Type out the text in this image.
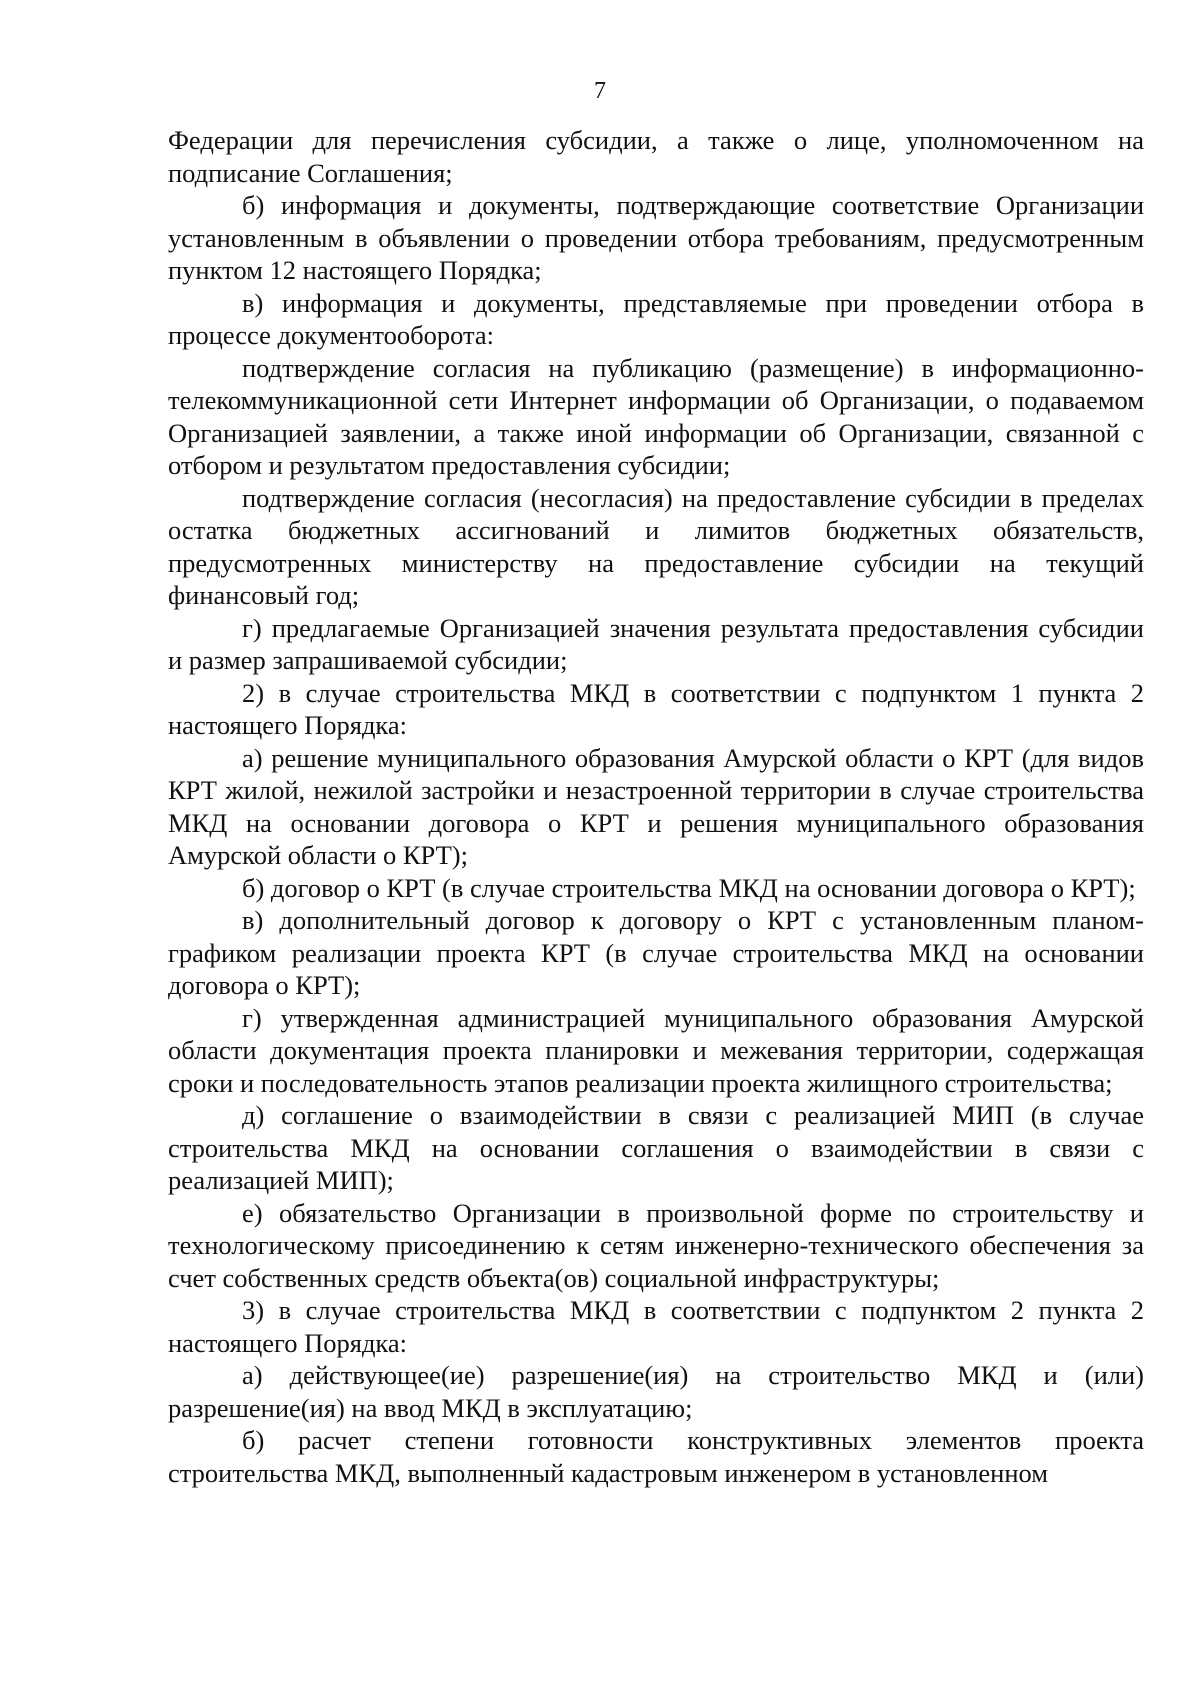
7

Федерации для перечисления субсидии, а также о лице, уполномоченном на подписание Соглашения;

б) информация и документы, подтверждающие соответствие Организации установленным в объявлении о проведении отбора требованиям, предусмотренным пунктом 12 настоящего Порядка;

в) информация и документы, представляемые при проведении отбора в процессе документооборота:

подтверждение согласия на публикацию (размещение) в информационно-телекоммуникационной сети Интернет информации об Организации, о подаваемом Организацией заявлении, а также иной информации об Организации, связанной с отбором и результатом предоставления субсидии;

подтверждение согласия (несогласия) на предоставление субсидии в пределах остатка бюджетных ассигнований и лимитов бюджетных обязательств, предусмотренных министерству на предоставление субсидии на текущий финансовый год;

г) предлагаемые Организацией значения результата предоставления субсидии и размер запрашиваемой субсидии;

2) в случае строительства МКД в соответствии с подпунктом 1 пункта 2 настоящего Порядка:

а) решение муниципального образования Амурской области о КРТ (для видов КРТ жилой, нежилой застройки и незастроенной территории в случае строительства МКД на основании договора о КРТ и решения муниципального образования Амурской области о КРТ);

б) договор о КРТ (в случае строительства МКД на основании договора о КРТ);

в) дополнительный договор к договору о КРТ с установленным планом-графиком реализации проекта КРТ (в случае строительства МКД на основании договора о КРТ);

г) утвержденная администрацией муниципального образования Амурской области документация проекта планировки и межевания территории, содержащая сроки и последовательность этапов реализации проекта жилищного строительства;

д) соглашение о взаимодействии в связи с реализацией МИП (в случае строительства МКД на основании соглашения о взаимодействии в связи с реализацией МИП);

е) обязательство Организации в произвольной форме по строительству и технологическому присоединению к сетям инженерно-технического обеспечения за счет собственных средств объекта(ов) социальной инфраструктуры;

3) в случае строительства МКД в соответствии с подпунктом 2 пункта 2 настоящего Порядка:

а) действующее(ие) разрешение(ия) на строительство МКД и (или) разрешение(ия) на ввод МКД в эксплуатацию;

б) расчет степени готовности конструктивных элементов проекта строительства МКД, выполненный кадастровым инженером в установленном
